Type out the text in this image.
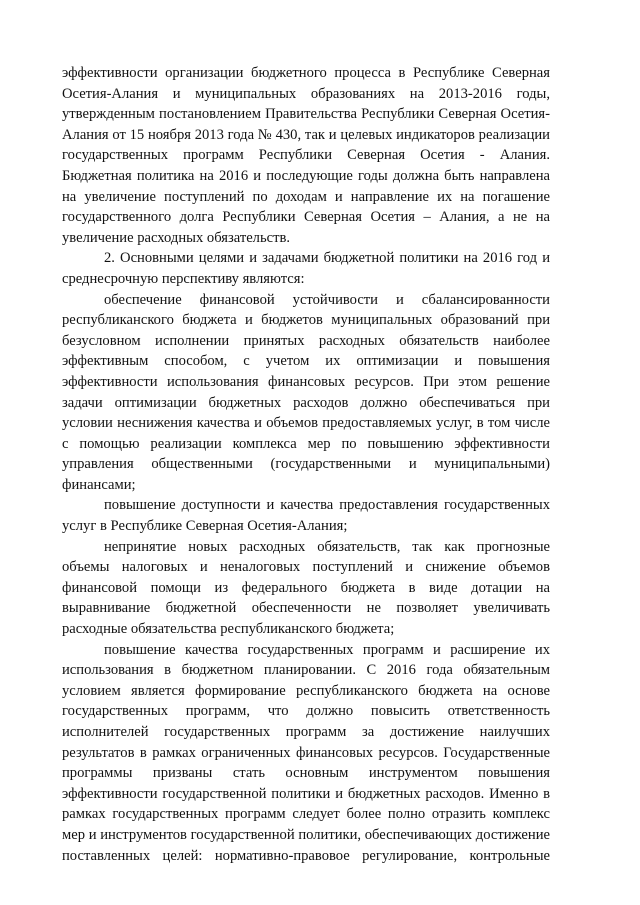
эффективности организации бюджетного процесса в Республике Северная Осетия-Алания и муниципальных образованиях на 2013-2016 годы, утвержденным постановлением Правительства Республики Северная Осетия-Алания от 15 ноября 2013 года № 430, так и целевых индикаторов реализации государственных программ Республики Северная Осетия - Алания. Бюджетная политика на 2016 и последующие годы должна быть направлена на увеличение поступлений по доходам и направление их на погашение государственного долга Республики Северная Осетия – Алания, а не на увеличение расходных обязательств.

2. Основными целями и задачами бюджетной политики на 2016 год и среднесрочную перспективу являются:

обеспечение финансовой устойчивости и сбалансированности республиканского бюджета и бюджетов муниципальных образований при безусловном исполнении принятых расходных обязательств наиболее эффективным способом, с учетом их оптимизации и повышения эффективности использования финансовых ресурсов. При этом решение задачи оптимизации бюджетных расходов должно обеспечиваться при условии неснижения качества и объемов предоставляемых услуг, в том числе с помощью реализации комплекса мер по повышению эффективности управления общественными (государственными и муниципальными) финансами;

повышение доступности и качества предоставления государственных услуг в Республике Северная Осетия-Алания;

непринятие новых расходных обязательств, так как прогнозные объемы налоговых и неналоговых поступлений и снижение объемов финансовой помощи из федерального бюджета в виде дотации на выравнивание бюджетной обеспеченности не позволяет увеличивать расходные обязательства республиканского бюджета;

повышение качества государственных программ и расширение их использования в бюджетном планировании. С 2016 года обязательным условием является формирование республиканского бюджета на основе государственных программ, что должно повысить ответственность исполнителей государственных программ за достижение наилучших результатов в рамках ограниченных финансовых ресурсов. Государственные программы призваны стать основным инструментом повышения эффективности государственной политики и бюджетных расходов. Именно в рамках государственных программ следует более полно отразить комплекс мер и инструментов государственной политики, обеспечивающих достижение поставленных целей: нормативно-правовое регулирование, контрольные
